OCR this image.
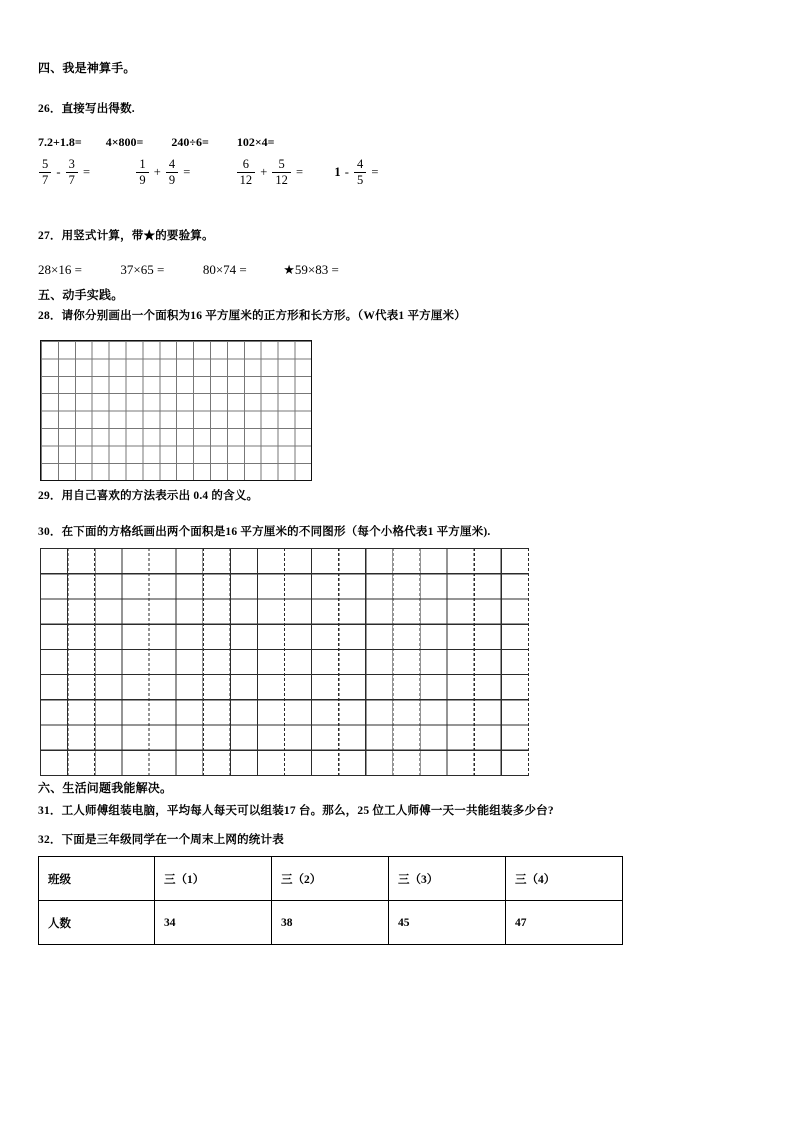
四、我是神算手。
26．直接写出得数.
7.2+1.8= 4×800= 240÷6= 102×4=
$\frac{5}{7} - \frac{3}{7}$ =	$\frac{1}{9} + \frac{4}{9}$ =	$\frac{6}{12} + \frac{5}{12}$ =	$1 - \frac{4}{5}$ =
27．用竖式计算，带★的要验算。
28×16 =	37×65 =	80×74 =	★59×83 =
五、动手实践。
28．请你分别画出一个面积为16 平方厘米的正方形和长方形。（W代表1 平方厘米）
29．用自己喜欢的方法表示出 0.4 的含义。
30．在下面的方格纸画出两个面积是16 平方厘米的不同图形（每个小格代表1 平方厘米).
六、生活问题我能解决。
31．工人师傅组装电脑，平均每人每天可以组装17 台。那么，25 位工人师傅一天一共能组装多少台?
32．下面是三年级同学在一个周末上网的统计表
班级	三（1）	三（2）	三（3）	三（4）
人数	34	38	45	47
